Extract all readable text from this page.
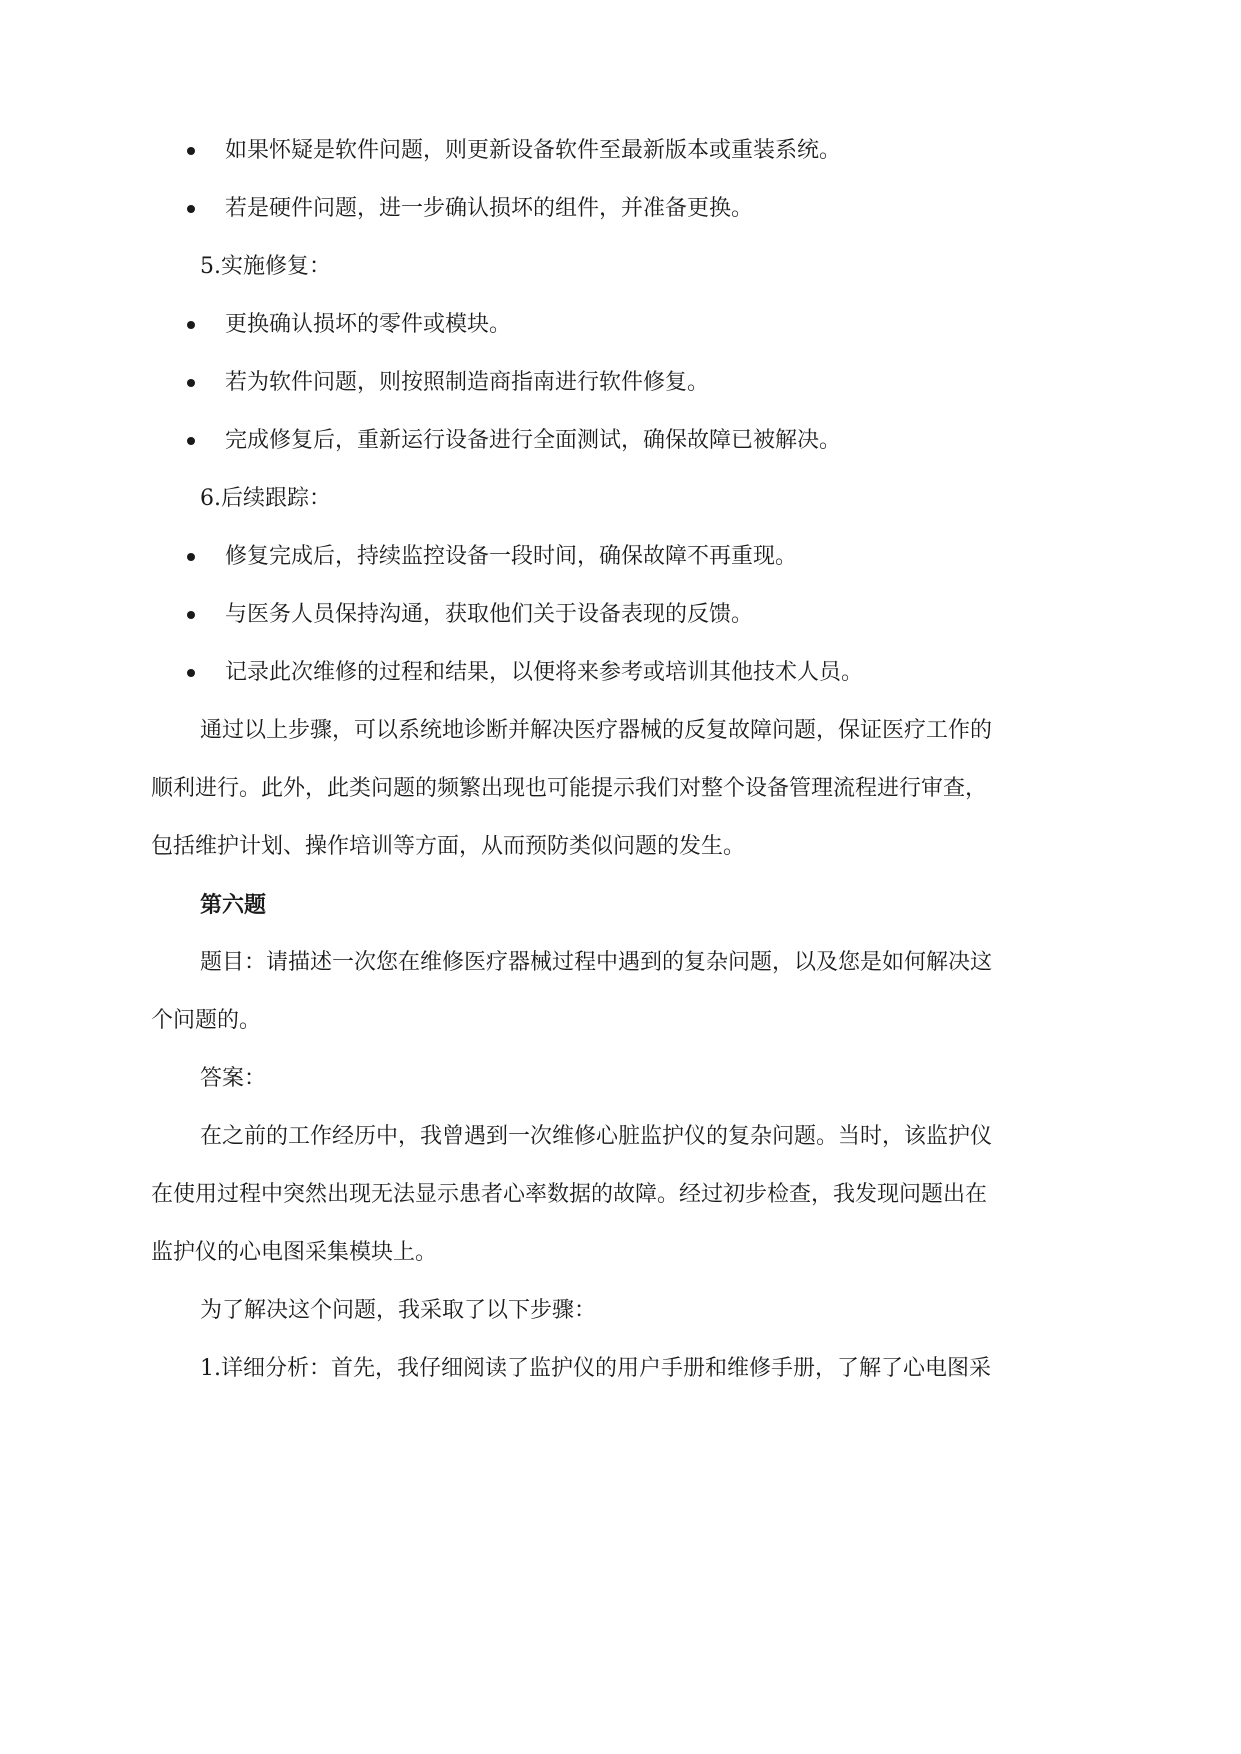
如果怀疑是软件问题，则更新设备软件至最新版本或重装系统。
若是硬件问题，进一步确认损坏的组件，并准备更换。
5.实施修复：
更换确认损坏的零件或模块。
若为软件问题，则按照制造商指南进行软件修复。
完成修复后，重新运行设备进行全面测试，确保故障已被解决。
6.后续跟踪：
修复完成后，持续监控设备一段时间，确保故障不再重现。
与医务人员保持沟通，获取他们关于设备表现的反馈。
记录此次维修的过程和结果，以便将来参考或培训其他技术人员。
通过以上步骤，可以系统地诊断并解决医疗器械的反复故障问题，保证医疗工作的
顺利进行。此外，此类问题的频繁出现也可能提示我们对整个设备管理流程进行审查，
包括维护计划、操作培训等方面，从而预防类似问题的发生。
第六题
题目：请描述一次您在维修医疗器械过程中遇到的复杂问题，以及您是如何解决这
个问题的。
答案：
在之前的工作经历中，我曾遇到一次维修心脏监护仪的复杂问题。当时，该监护仪
在使用过程中突然出现无法显示患者心率数据的故障。经过初步检查，我发现问题出在
监护仪的心电图采集模块上。
为了解决这个问题，我采取了以下步骤：
1.详细分析：首先，我仔细阅读了监护仪的用户手册和维修手册，了解了心电图采
